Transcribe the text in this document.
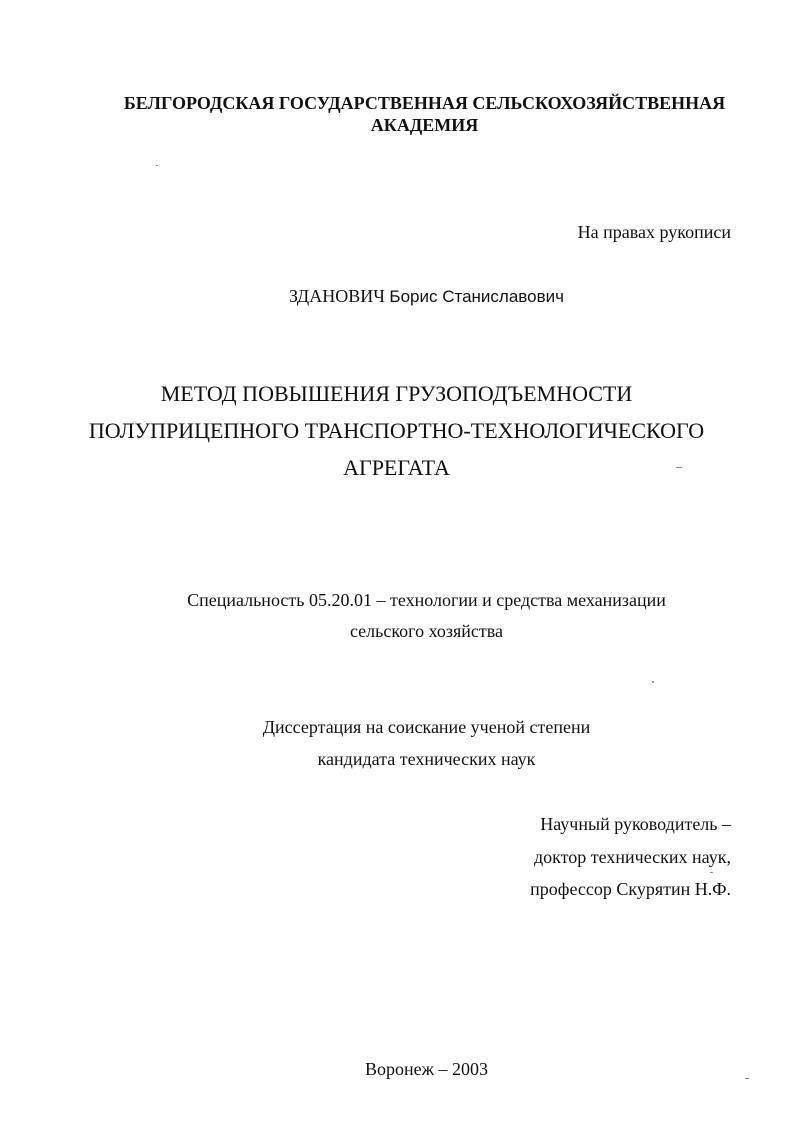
БЕЛГОРОДСКАЯ ГОСУДАРСТВЕННАЯ СЕЛЬСКОХОЗЯЙСТВЕННАЯ
АКАДЕМИЯ
На правах рукописи
ЗДАНОВИЧ Борис Станиславович
МЕТОД ПОВЫШЕНИЯ ГРУЗОПОДЪЕМНОСТИ
ПОЛУПРИЦЕПНОГО ТРАНСПОРТНО-ТЕХНОЛОГИЧЕСКОГО
АГРЕГАТА
Специальность 05.20.01 – технологии и средства механизации
сельского хозяйства
Диссертация на соискание ученой степени
кандидата технических наук
Научный руководитель –
доктор технических наук,
профессор Скурятин Н.Ф.
Воронеж – 2003
